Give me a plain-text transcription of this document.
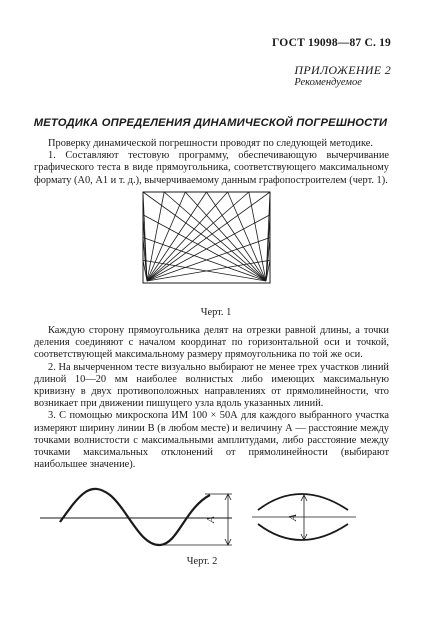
ГОСТ 19098—87 С. 19
ПРИЛОЖЕНИЕ 2
Рекомендуемое
МЕТОДИКА ОПРЕДЕЛЕНИЯ ДИНАМИЧЕСКОЙ ПОГРЕШНОСТИ
Проверку динамической погрешности проводят по следующей методике.
1. Составляют тестовую программу, обеспечивающую вычерчивание графического теста в виде прямоугольника, соответствующего максимальному формату (А0, А1 и т. д.), вычерчиваемому данным графопостроителем (черт. 1).
Черт. 1
Каждую сторону прямоугольника делят на отрезки равной длины, а точки деления соединяют с началом координат по горизонтальной оси и точкой, соответствующей максимальному размеру прямоугольника по той же оси.
2. На вычерченном тесте визуально выбирают не менее трех участков линий длиной 10—20 мм наиболее волнистых либо имеющих максимальную кривизну в двух противоположных направлениях от прямолинейности, что возникает при движении пишущего узла вдоль указанных линий.
3. С помощью микроскопа ИМ 100 × 50А для каждого выбранного участка измеряют ширину линии В (в любом месте) и величину А — расстояние между точками волнистости с максимальными амплитудами, либо расстояние между точками максимальных отклонений от прямолинейности (выбирают наибольшее значение).
A	A
Черт. 2
